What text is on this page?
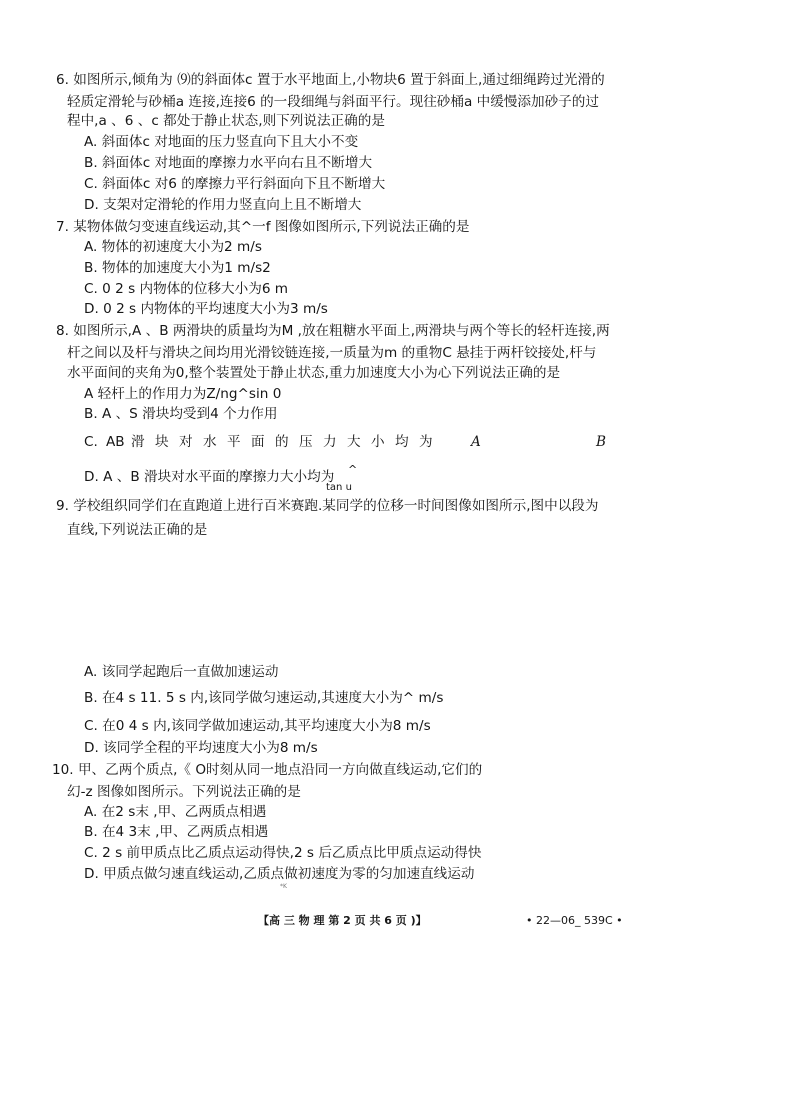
6. 如图所示,倾角为 ⑼的斜面体c 置于水平地面上,小物块6 置于斜面上,通过细绳跨过光滑的
轻质定滑轮与砂桶a 连接,连接6 的一段细绳与斜面平行。现往砂桶a 中缓慢添加砂子的过
程中,a 、6 、c 都处于静止状态,则下列说法正确的是
A. 斜面体c 对地面的压力竖直向下且大小不变
B. 斜面体c 对地面的摩擦力水平向右且不断增大
C. 斜面体c 对6 的摩擦力平行斜面向下且不断增大
D. 支架对定滑轮的作用力竖直向上且不断增大
7. 某物体做匀变速直线运动,其^一f 图像如图所示,下列说法正确的是
A. 物体的初速度大小为2 m/s
B. 物体的加速度大小为1 m/s2
C. 0 2 s 内物体的位移大小为6 m
D. 0 2 s 内物体的平均速度大小为3 m/s
8. 如图所示,A 、B 两滑块的质量均为M ,放在粗糖水平面上,两滑块与两个等长的轻杆连接,两
杆之间以及杆与滑块之间均用光滑铰链连接,一质量为m 的重物C 悬挂于两杆铰接处,杆与
水平面间的夹角为0,整个装置处于静止状态,重力加速度大小为心下列说法正确的是
A 轻杆上的作用力为Z∕ng^sin 0
B. A 、S 滑块均受到4 个力作用
C. AB 滑 块 对 水 平 面 的 压 力 大 小 均 为	A	B
D. A 、B 滑块对水平面的摩擦力大小均为 ^
tan u
9. 学校组织同学们在直跑道上进行百米赛跑.某同学的位移一时间图像如图所示,图中以段为
直线,下列说法正确的是
A. 该同学起跑后一直做加速运动
B. 在4 s 11. 5 s 内,该同学做匀速运动,其速度大小为^ m/s
C. 在0 4 s 内,该同学做加速运动,其平均速度大小为8 m/s
D. 该同学全程的平均速度大小为8 m/s
10. 甲、乙两个质点,《 O时刻从同一地点沿同一方向做直线运动,它们的
幻-z 图像如图所示。下列说法正确的是
A. 在2 s末 ,甲、乙两质点相遇
B. 在4 3末 ,甲、乙两质点相遇
C. 2 s 前甲质点比乙质点运动得快,2 s 后乙质点比甲质点运动得快
D. 甲质点做匀速直线运动,乙质点做初速度为零的匀加速直线运动
*K
【高 三 物 理 第 2 页 共 6 页 )】	• 22—06_ 539C •
